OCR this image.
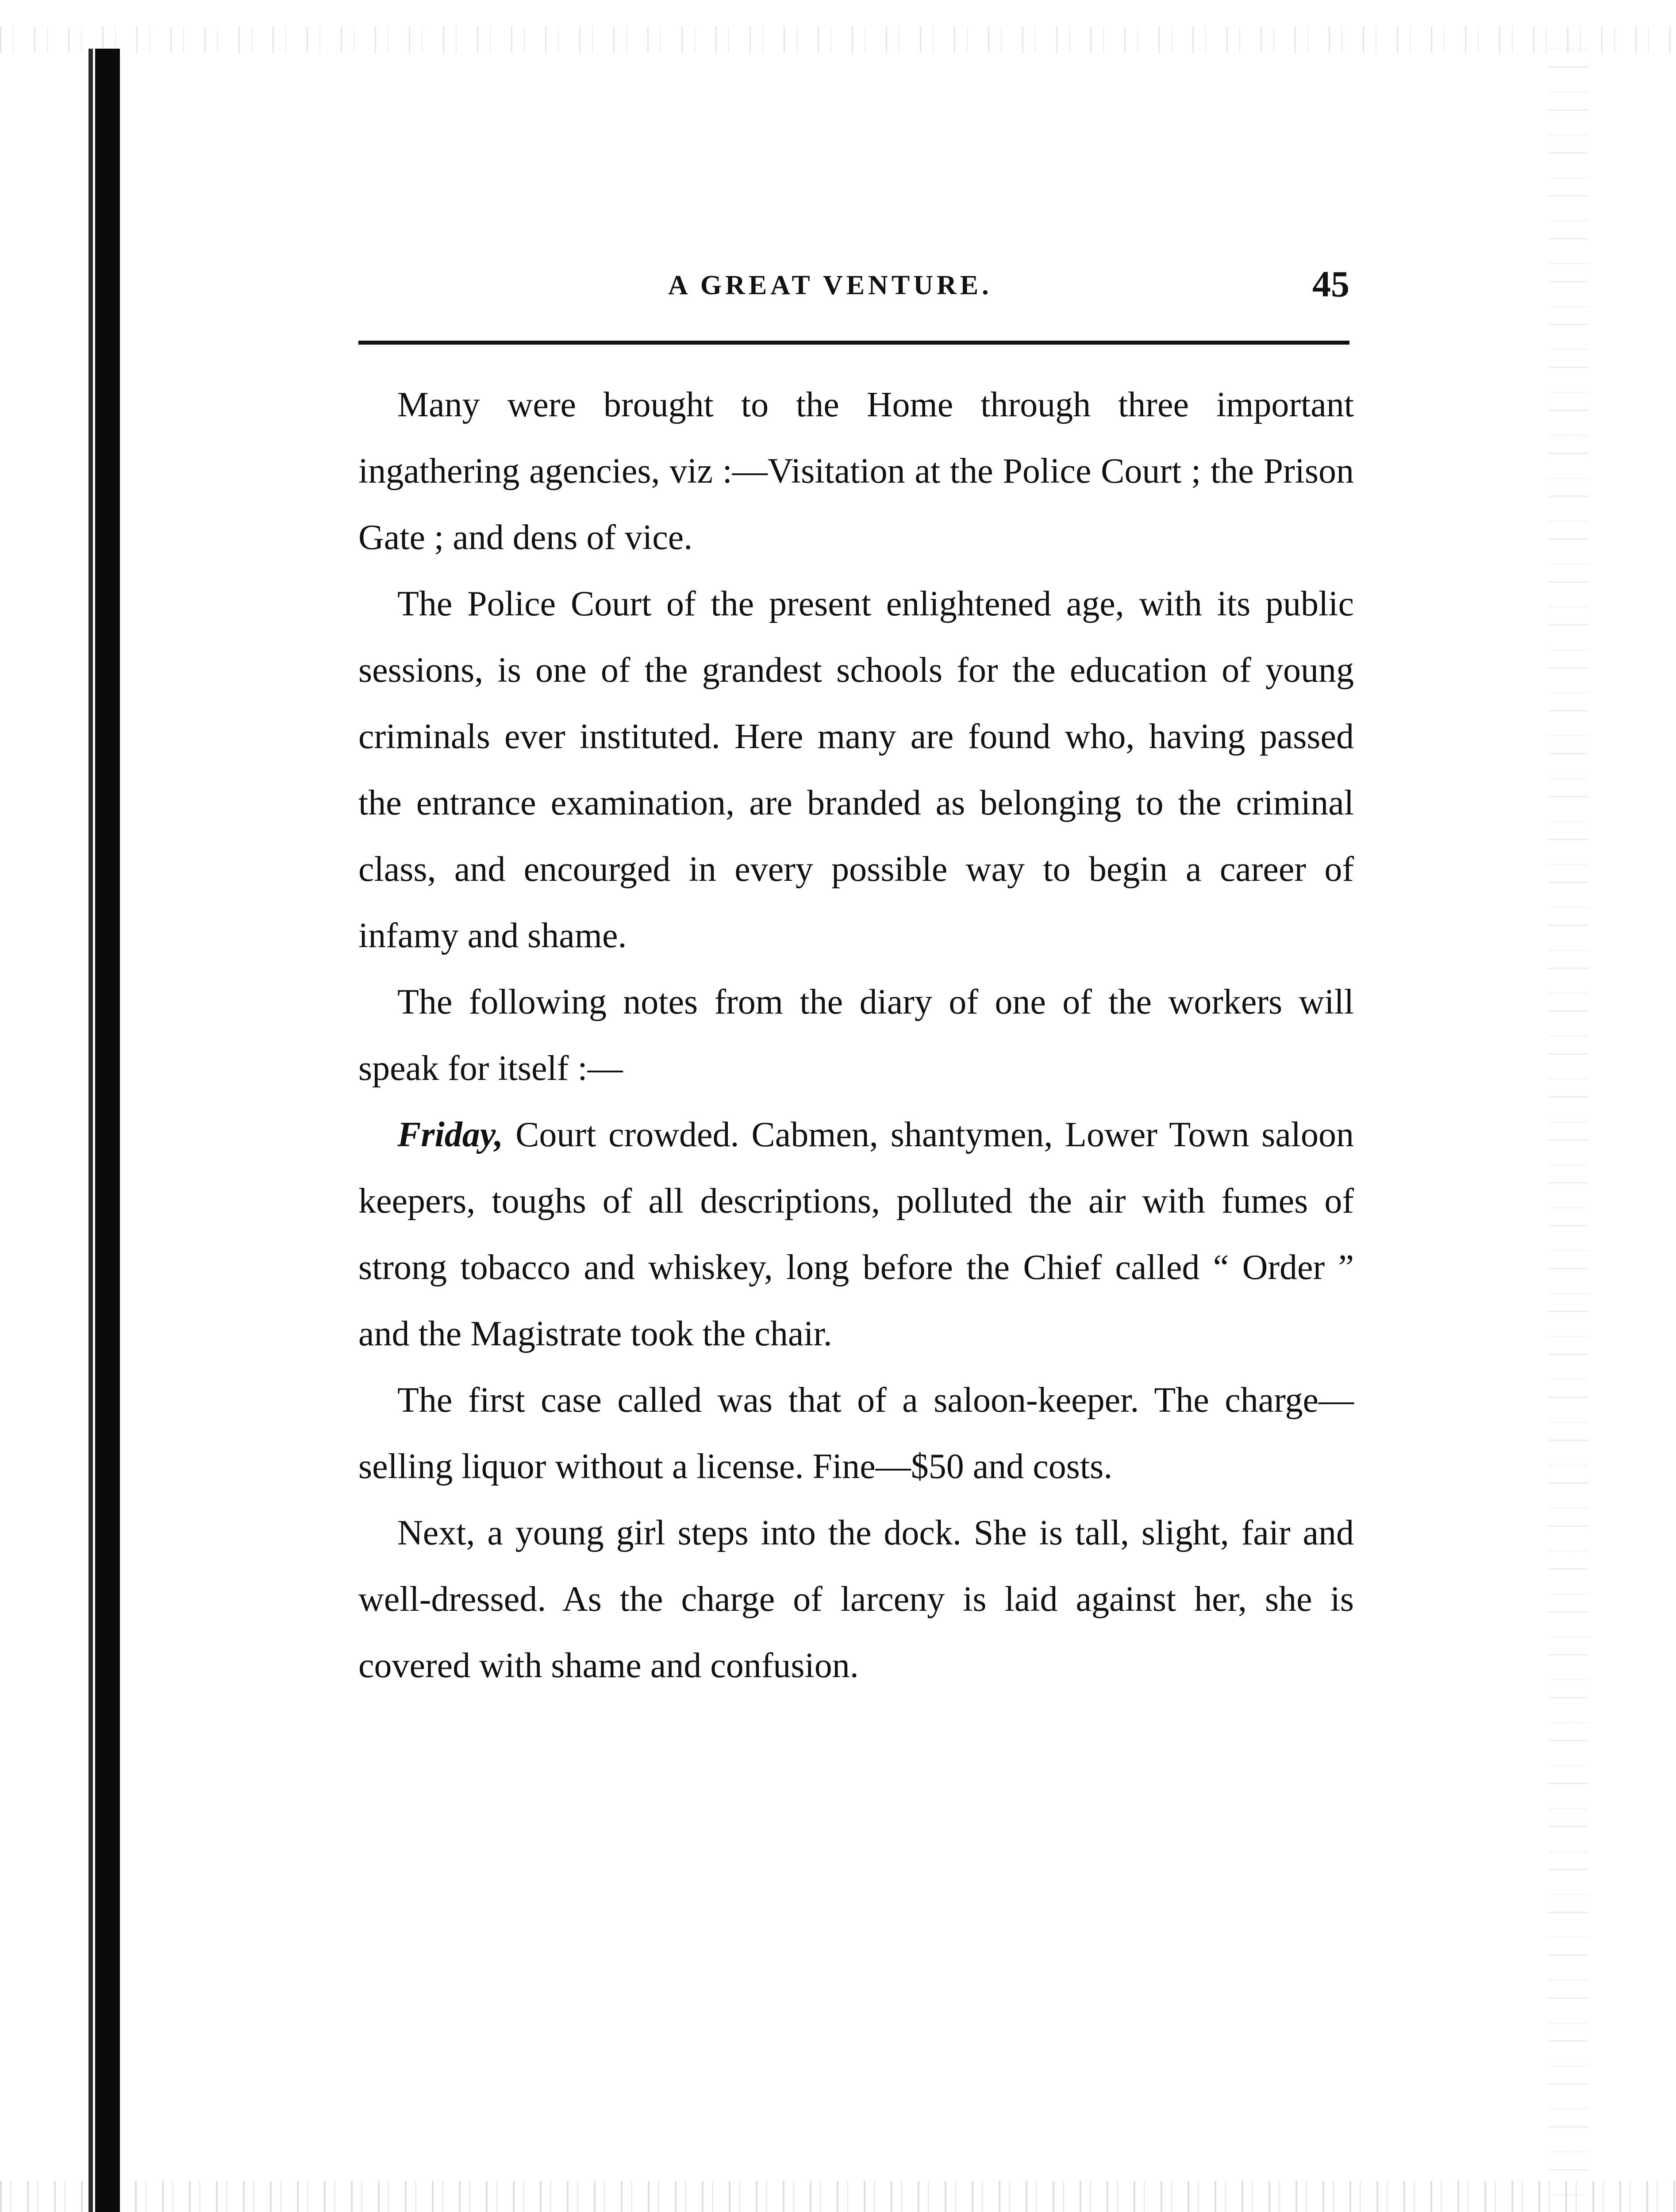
A GREAT VENTURE.	45

Many were brought to the Home through three important ingathering agencies, viz :—Visitation at the Police Court ; the Prison Gate ; and dens of vice.

The Police Court of the present enlightened age, with its public sessions, is one of the grandest schools for the education of young criminals ever instituted. Here many are found who, having passed the entrance examination, are branded as belonging to the criminal class, and encourged in every possible way to begin a career of infamy and shame.

The following notes from the diary of one of the workers will speak for itself :—

Friday, Court crowded. Cabmen, shantymen, Lower Town saloon keepers, toughs of all descriptions, polluted the air with fumes of strong tobacco and whiskey, long before the Chief called “ Order ” and the Magistrate took the chair.

The first case called was that of a saloon-keeper. The charge—selling liquor without a license. Fine—$50 and costs.

Next, a young girl steps into the dock. She is tall, slight, fair and well-dressed. As the charge of larceny is laid against her, she is covered with shame and confusion.
